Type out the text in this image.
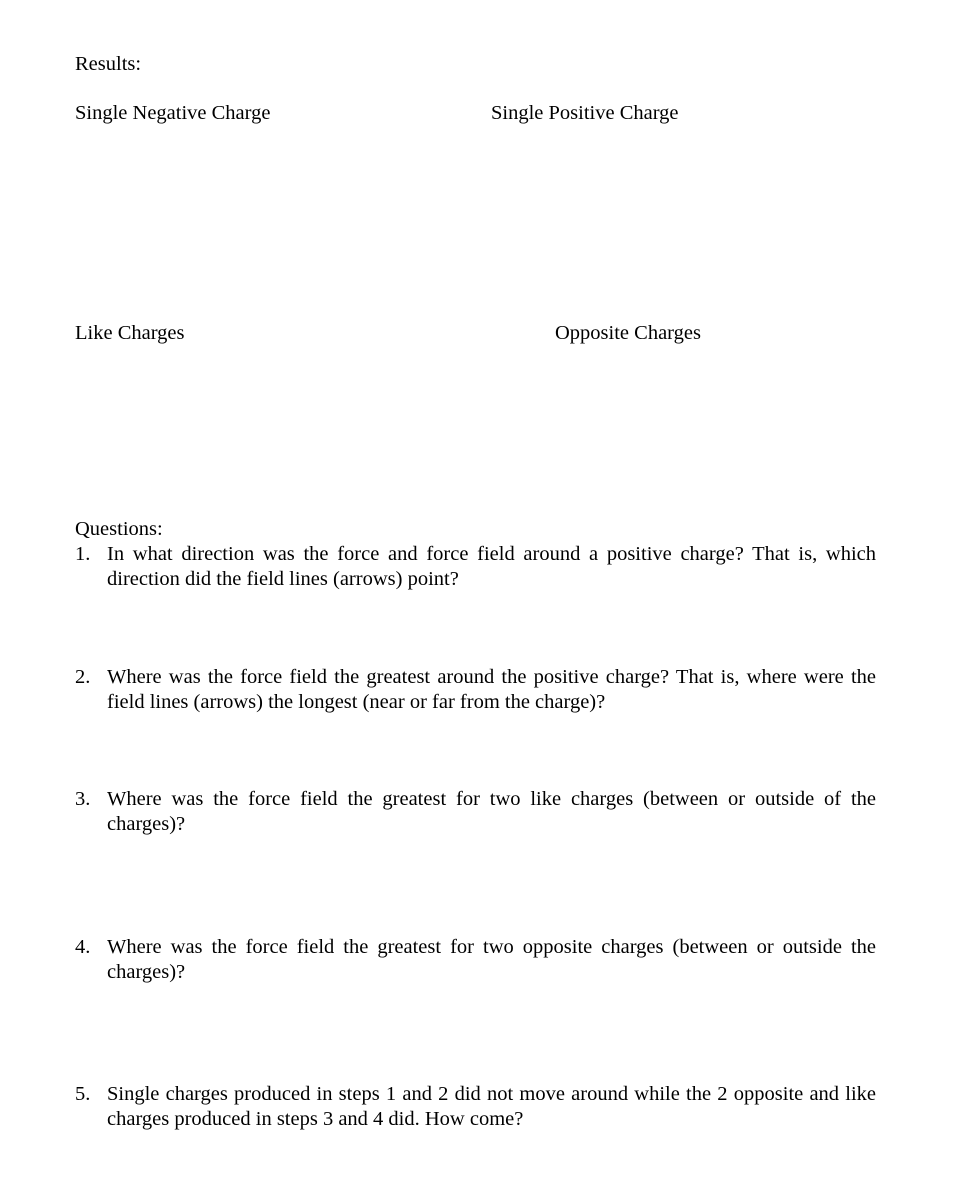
Results:
Single Negative Charge	Single Positive Charge
Like Charges	Opposite Charges
Questions:
1. In what direction was the force and force field around a positive charge? That is, which direction did the field lines (arrows) point?
2. Where was the force field the greatest around the positive charge? That is, where were the field lines (arrows) the longest (near or far from the charge)?
3. Where was the force field the greatest for two like charges (between or outside of the charges)?
4. Where was the force field the greatest for two opposite charges (between or outside the charges)?
5. Single charges produced in steps 1 and 2 did not move around while the 2 opposite and like charges produced in steps 3 and 4 did. How come?
